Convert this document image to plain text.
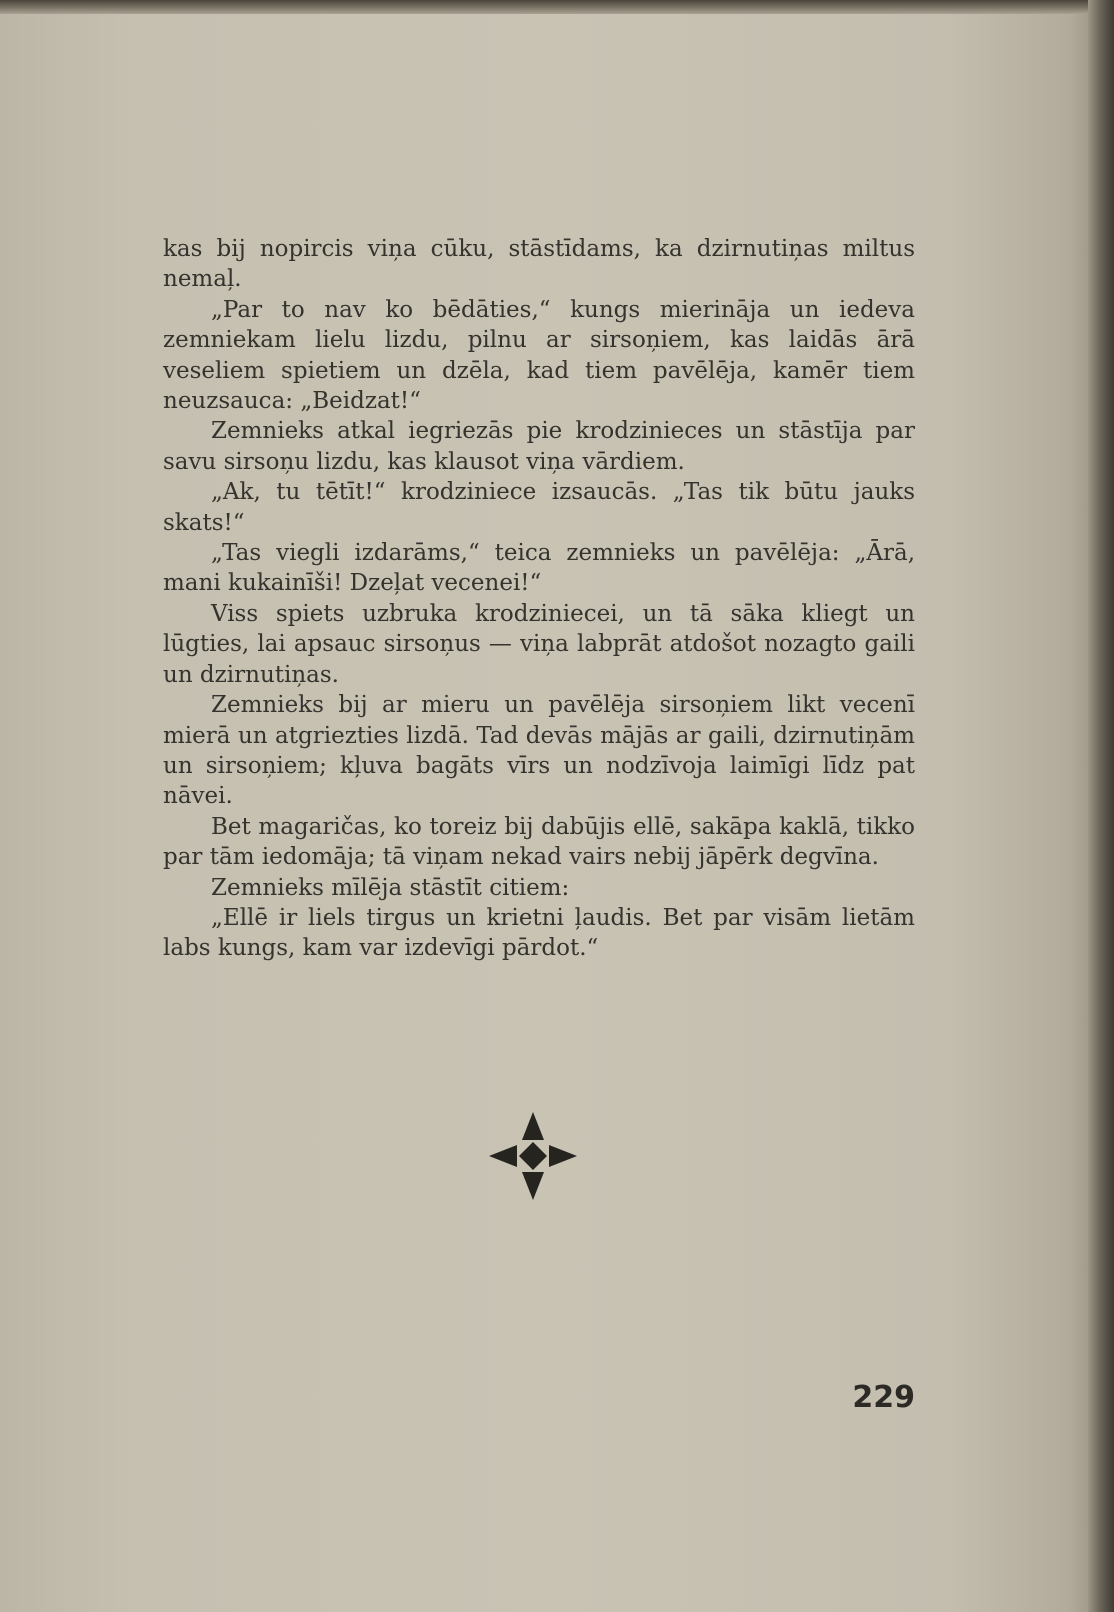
kas bij nopircis viņa cūku, stāstīdams, ka dzirnutiņas miltus nemaļ.

„Par to nav ko bēdāties,“ kungs mierināja un iedeva zemniekam lielu lizdu, pilnu ar sirsoņiem, kas laidās ārā veseliem spietiem un dzēla, kad tiem pavēlēja, kamēr tiem neuzsauca: „Beidzat!“

Zemnieks atkal iegriezās pie krodzinieces un stāstīja par savu sirsoņu lizdu, kas klausot viņa vārdiem.

„Ak, tu tētīt!“ krodziniece izsaucās. „Tas tik būtu jauks skats!“

„Tas viegli izdarāms,“ teica zemnieks un pavēlēja: „Ārā, mani kukainīši! Dzeļat vecenei!“

Viss spiets uzbruka krodziniecei, un tā sāka kliegt un lūgties, lai apsauc sirsoņus — viņa labprāt atdošot nozagto gaili un dzirnutiņas.

Zemnieks bij ar mieru un pavēlēja sirsoņiem likt vecenī mierā un atgriezties lizdā. Tad devās mājās ar gaili, dzirnutiņām un sirsoņiem; kļuva bagāts vīrs un nodzīvoja laimīgi līdz pat nāvei.

Bet magaričas, ko toreiz bij dabūjis ellē, sakāpa kaklā, tikko par tām iedomāja; tā viņam nekad vairs nebij jāpērk degvīna.

Zemnieks mīlēja stāstīt citiem:

„Ellē ir liels tirgus un krietni ļaudis. Bet par visām lietām labs kungs, kam var izdevīgi pārdot.“

229
